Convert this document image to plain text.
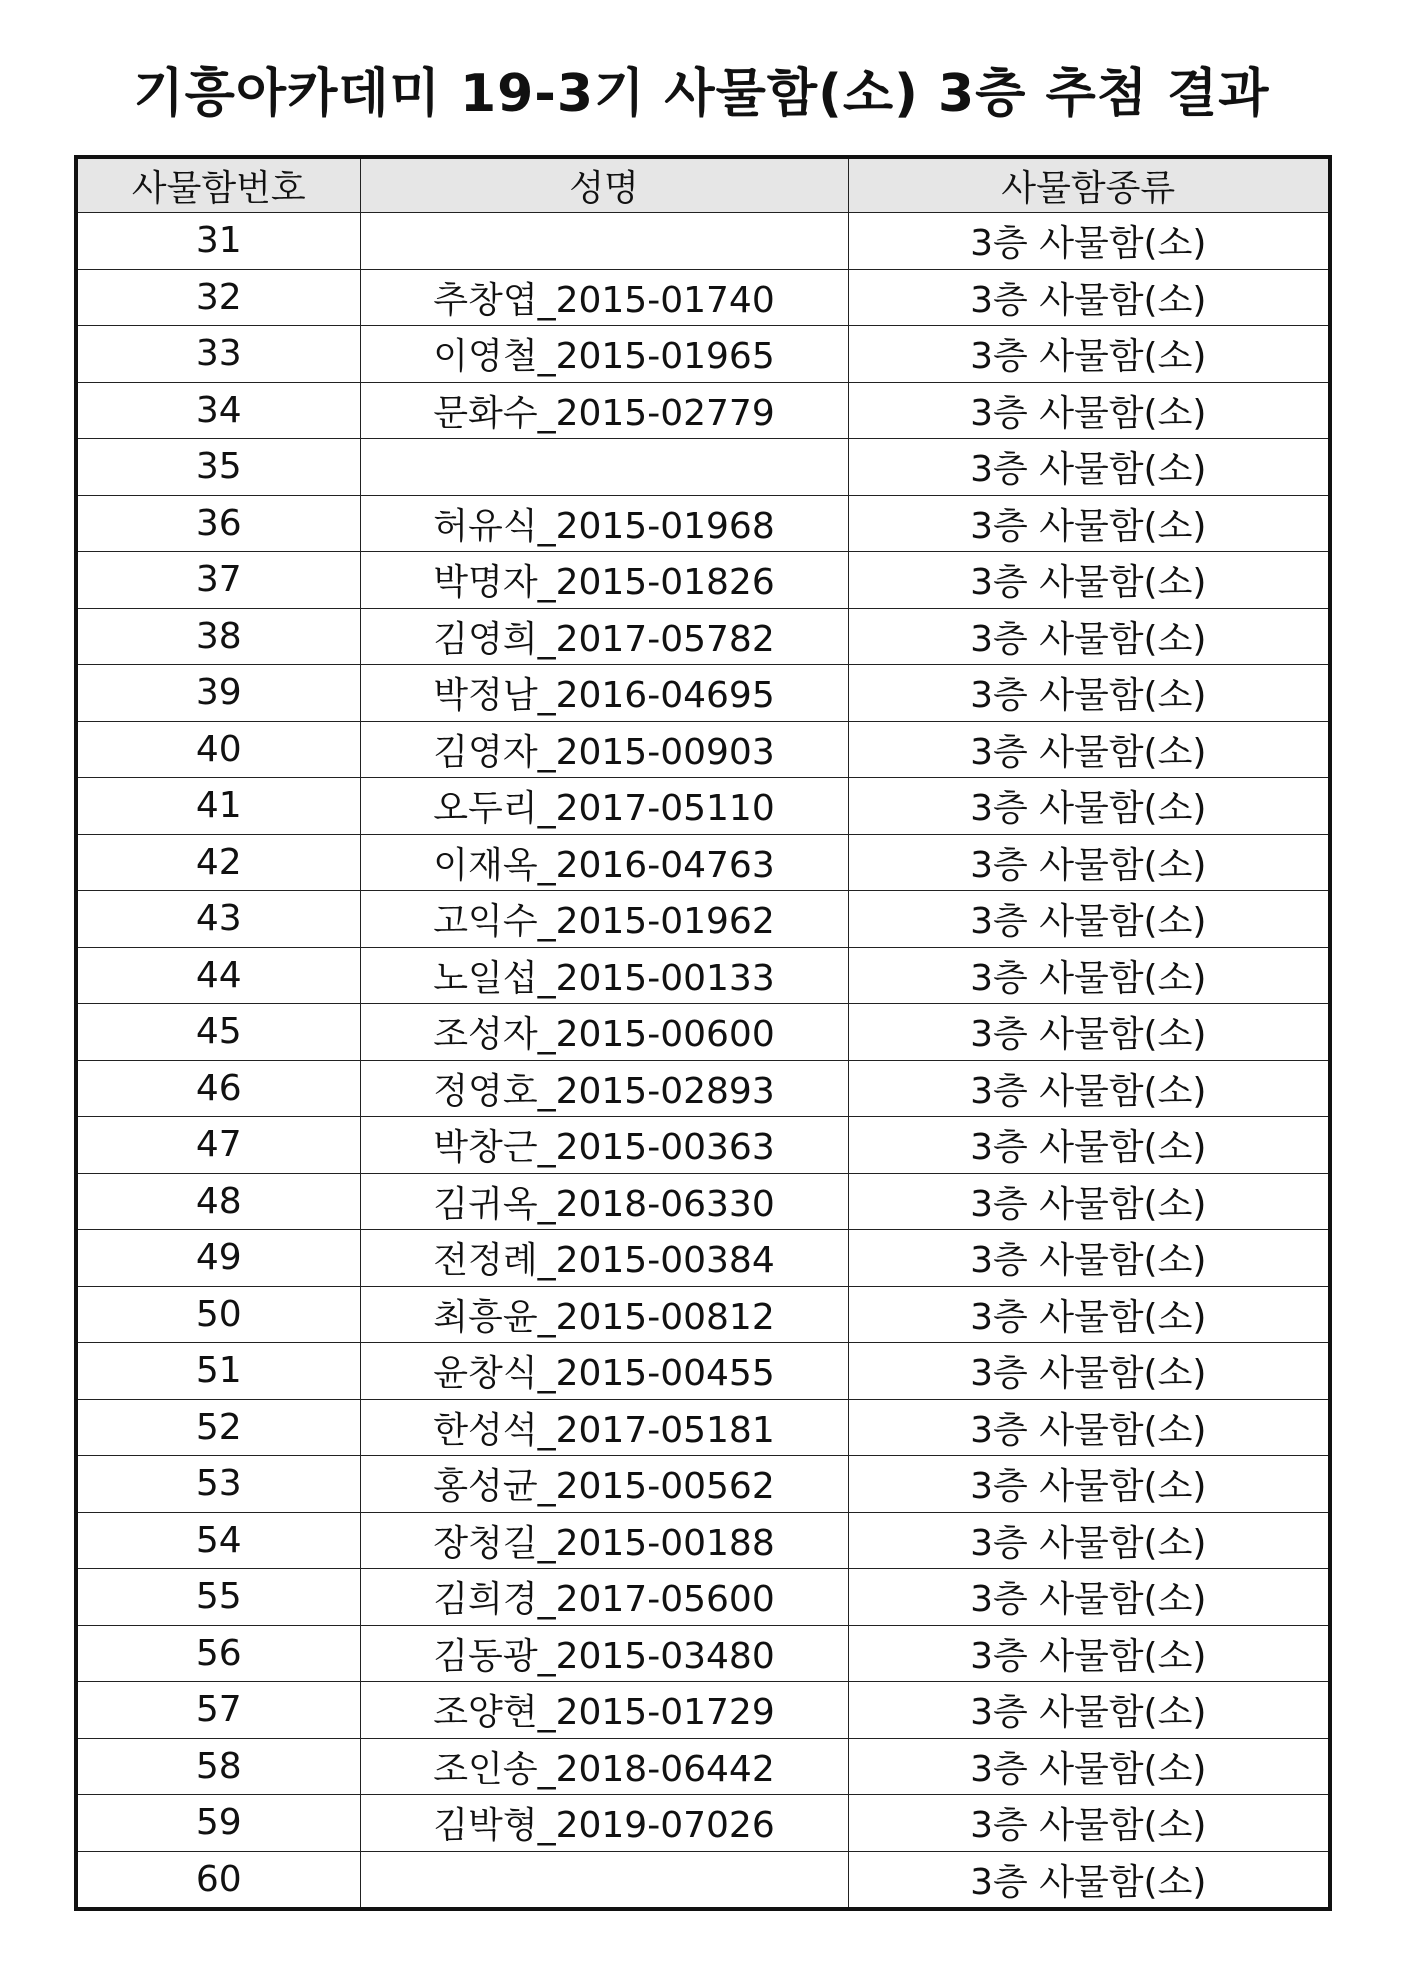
기흥아카데미 19-3기 사물함(소) 3층 추첨 결과
사물함번호	성명	사물함종류
31		3층 사물함(소)
32	추창엽_2015-01740	3층 사물함(소)
33	이영철_2015-01965	3층 사물함(소)
34	문화수_2015-02779	3층 사물함(소)
35		3층 사물함(소)
36	허유식_2015-01968	3층 사물함(소)
37	박명자_2015-01826	3층 사물함(소)
38	김영희_2017-05782	3층 사물함(소)
39	박정남_2016-04695	3층 사물함(소)
40	김영자_2015-00903	3층 사물함(소)
41	오두리_2017-05110	3층 사물함(소)
42	이재옥_2016-04763	3층 사물함(소)
43	고익수_2015-01962	3층 사물함(소)
44	노일섭_2015-00133	3층 사물함(소)
45	조성자_2015-00600	3층 사물함(소)
46	정영호_2015-02893	3층 사물함(소)
47	박창근_2015-00363	3층 사물함(소)
48	김귀옥_2018-06330	3층 사물함(소)
49	전정례_2015-00384	3층 사물함(소)
50	최흥윤_2015-00812	3층 사물함(소)
51	윤창식_2015-00455	3층 사물함(소)
52	한성석_2017-05181	3층 사물함(소)
53	홍성균_2015-00562	3층 사물함(소)
54	장청길_2015-00188	3층 사물함(소)
55	김희경_2017-05600	3층 사물함(소)
56	김동광_2015-03480	3층 사물함(소)
57	조양현_2015-01729	3층 사물함(소)
58	조인송_2018-06442	3층 사물함(소)
59	김박형_2019-07026	3층 사물함(소)
60		3층 사물함(소)
